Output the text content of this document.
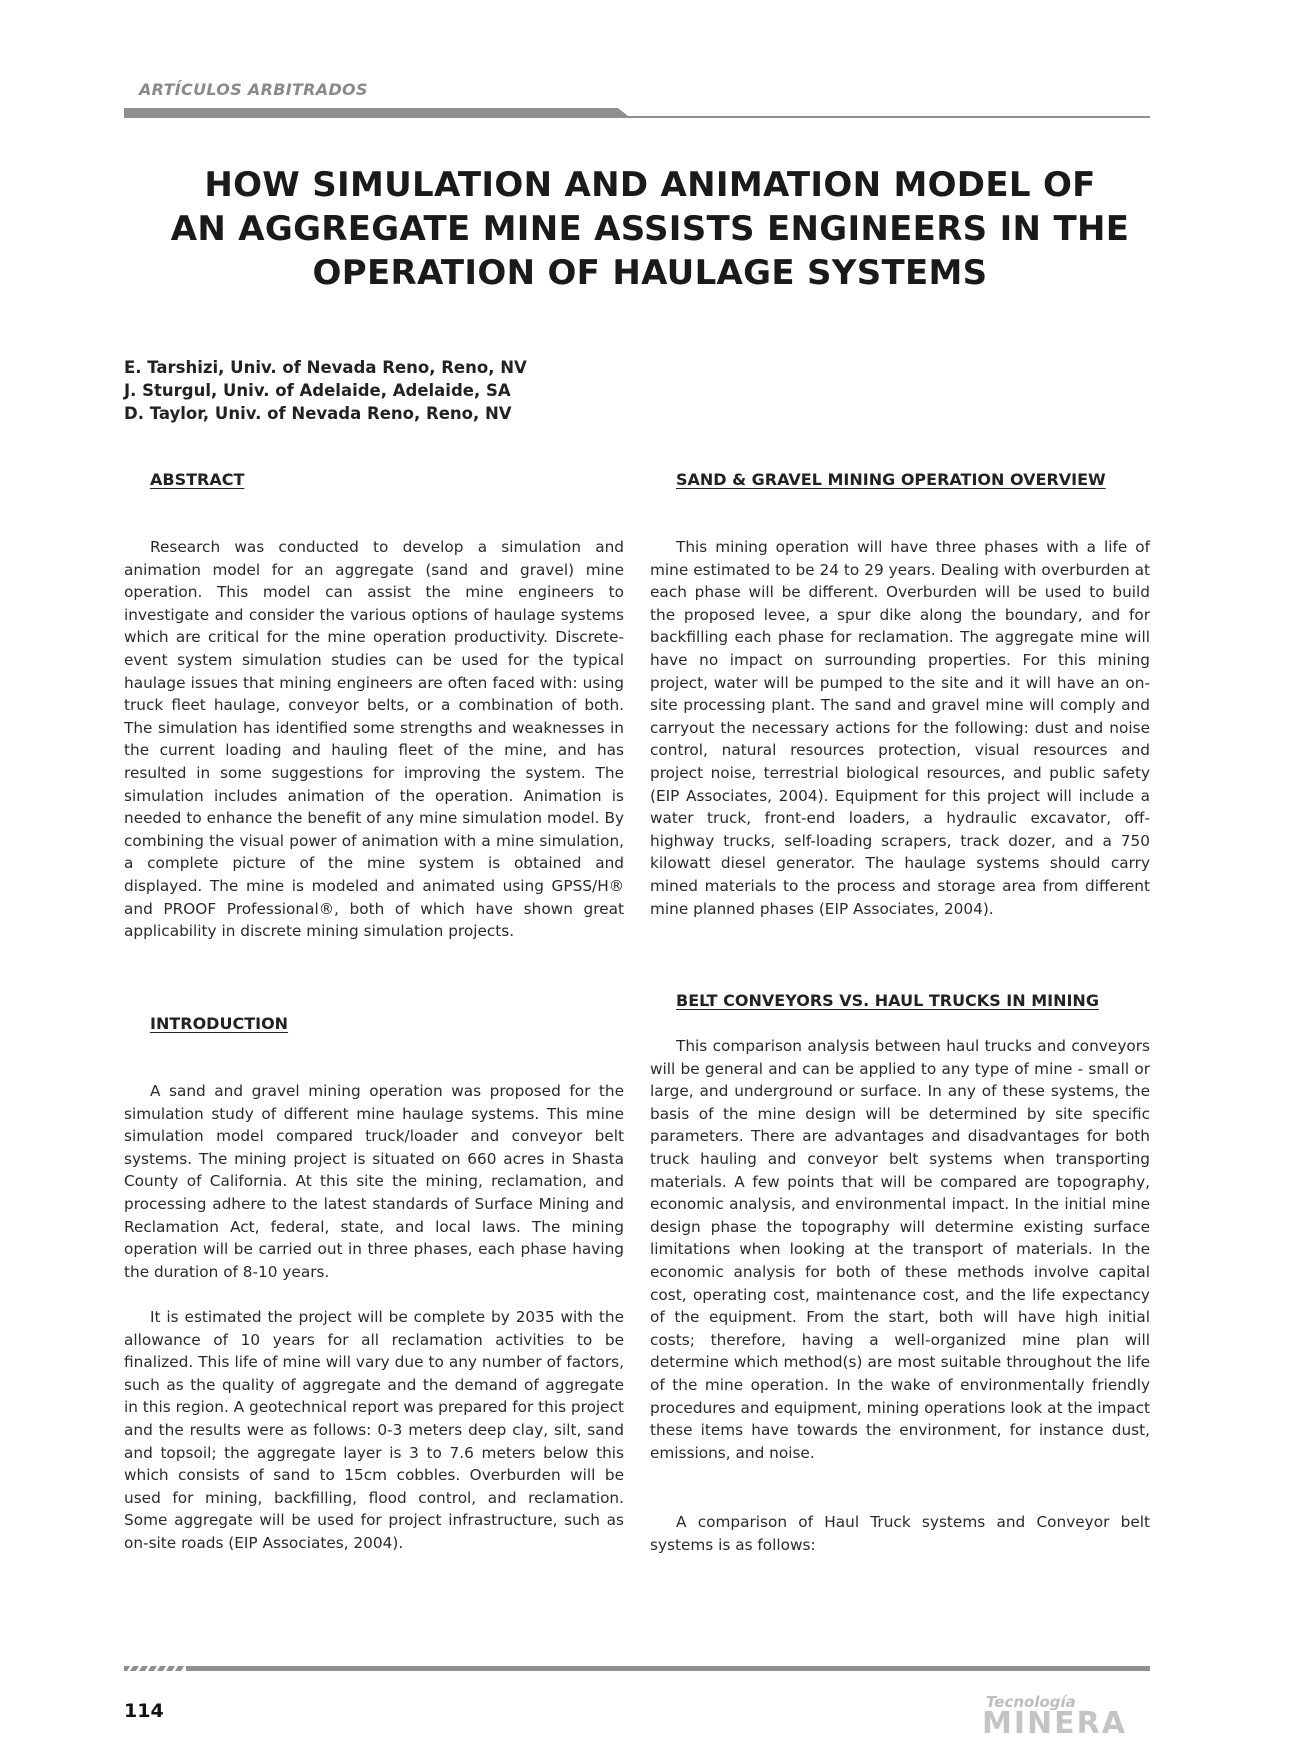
ARTÍCULOS ARBITRADOS
HOW SIMULATION AND ANIMATION MODEL OF
AN AGGREGATE MINE ASSISTS ENGINEERS IN THE
OPERATION OF HAULAGE SYSTEMS
E. Tarshizi, Univ. of Nevada Reno, Reno, NV
J. Sturgul, Univ. of Adelaide, Adelaide, SA
D. Taylor, Univ. of Nevada Reno, Reno, NV
ABSTRACT

Research was conducted to develop a simulation and animation model for an aggregate (sand and gravel) mine operation. This model can assist the mine engineers to investigate and consider the various options of haulage systems which are critical for the mine operation productivity. Discrete-event system simulation studies can be used for the typical haulage issues that mining engineers are often faced with: using truck fleet haulage, conveyor belts, or a combination of both. The simulation has identified some strengths and weaknesses in the current loading and hauling fleet of the mine, and has resulted in some suggestions for improving the system. The simulation includes animation of the operation. Animation is needed to enhance the benefit of any mine simulation model. By combining the visual power of animation with a mine simulation, a complete picture of the mine system is obtained and displayed. The mine is modeled and animated using GPSS/H® and PROOF Professional®, both of which have shown great applicability in discrete mining simulation projects.

INTRODUCTION

A sand and gravel mining operation was proposed for the simulation study of different mine haulage systems. This mine simulation model compared truck/loader and conveyor belt systems. The mining project is situated on 660 acres in Shasta County of California. At this site the mining, reclamation, and processing adhere to the latest standards of Surface Mining and Reclamation Act, federal, state, and local laws. The mining operation will be carried out in three phases, each phase having the duration of 8-10 years.

It is estimated the project will be complete by 2035 with the allowance of 10 years for all reclamation activities to be finalized. This life of mine will vary due to any number of factors, such as the quality of aggregate and the demand of aggregate in this region. A geotechnical report was prepared for this project and the results were as follows: 0-3 meters deep clay, silt, sand and topsoil; the aggregate layer is 3 to 7.6 meters below this which consists of sand to 15cm cobbles. Overburden will be used for mining, backfilling, flood control, and reclamation. Some aggregate will be used for project infrastructure, such as on-site roads (EIP Associates, 2004).

SAND & GRAVEL MINING OPERATION OVERVIEW

This mining operation will have three phases with a life of mine estimated to be 24 to 29 years. Dealing with overburden at each phase will be different. Overburden will be used to build the proposed levee, a spur dike along the boundary, and for backfilling each phase for reclamation. The aggregate mine will have no impact on surrounding properties. For this mining project, water will be pumped to the site and it will have an on-site processing plant. The sand and gravel mine will comply and carryout the necessary actions for the following: dust and noise control, natural resources protection, visual resources and project noise, terrestrial biological resources, and public safety (EIP Associates, 2004). Equipment for this project will include a water truck, front-end loaders, a hydraulic excavator, off-highway trucks, self-loading scrapers, track dozer, and a 750 kilowatt diesel generator. The haulage systems should carry mined materials to the process and storage area from different mine planned phases (EIP Associates, 2004).

BELT CONVEYORS VS. HAUL TRUCKS IN MINING

This comparison analysis between haul trucks and conveyors will be general and can be applied to any type of mine - small or large, and underground or surface. In any of these systems, the basis of the mine design will be determined by site specific parameters. There are advantages and disadvantages for both truck hauling and conveyor belt systems when transporting materials. A few points that will be compared are topography, economic analysis, and environmental impact. In the initial mine design phase the topography will determine existing surface limitations when looking at the transport of materials. In the economic analysis for both of these methods involve capital cost, operating cost, maintenance cost, and the life expectancy of the equipment. From the start, both will have high initial costs; therefore, having a well-organized mine plan will determine which method(s) are most suitable throughout the life of the mine operation. In the wake of environmentally friendly procedures and equipment, mining operations look at the impact these items have towards the environment, for instance dust, emissions, and noise.

A comparison of Haul Truck systems and Conveyor belt systems is as follows:

114	Tecnología
MINERA
